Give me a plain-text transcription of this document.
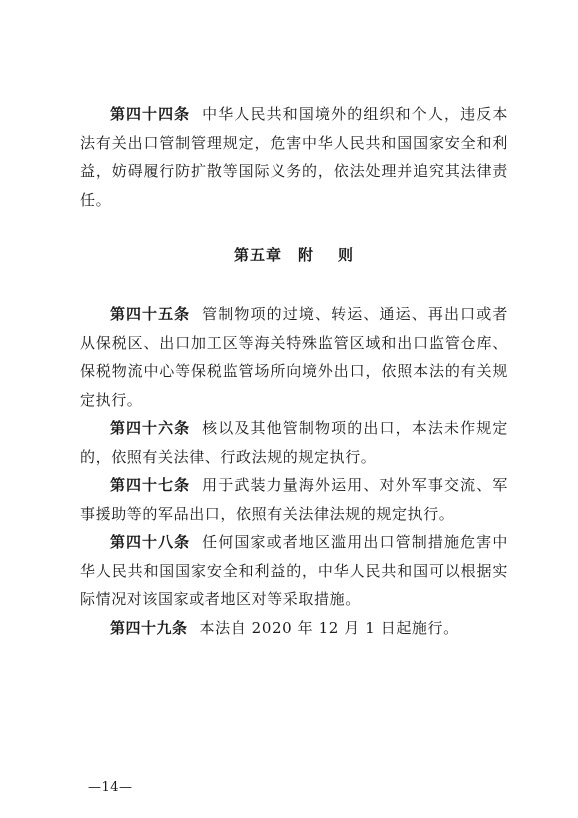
第四十四条 中华人民共和国境外的组织和个人，违反本法有关出口管制管理规定，危害中华人民共和国国家安全和利益，妨碍履行防扩散等国际义务的，依法处理并追究其法律责任。

第五章 附 则

第四十五条 管制物项的过境、转运、通运、再出口或者从保税区、出口加工区等海关特殊监管区域和出口监管仓库、保税物流中心等保税监管场所向境外出口，依照本法的有关规定执行。

第四十六条 核以及其他管制物项的出口，本法未作规定的，依照有关法律、行政法规的规定执行。

第四十七条 用于武装力量海外运用、对外军事交流、军事援助等的军品出口，依照有关法律法规的规定执行。

第四十八条 任何国家或者地区滥用出口管制措施危害中华人民共和国国家安全和利益的，中华人民共和国可以根据实际情况对该国家或者地区对等采取措施。

第四十九条 本法自 2020 年 12 月 1 日起施行。

—14—
